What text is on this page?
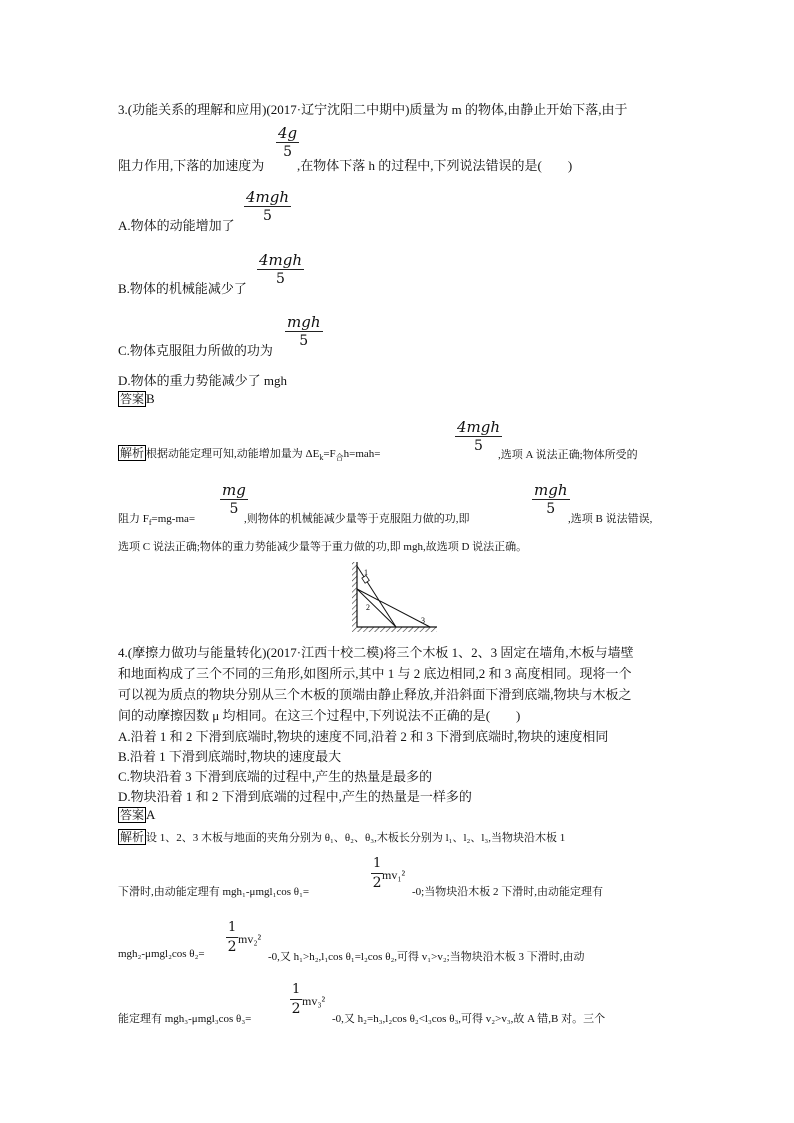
3.(功能关系的理解和应用)(2017·辽宁沈阳二中期中)质量为 m 的物体,由静止开始下落,由于
$\frac{4g}{5}$
阻力作用,下落的加速度为	,在物体下落 h 的过程中,下列说法错误的是(　　)
4mgh
5
A.物体的动能增加了
4mgh
5
B.物体的机械能减少了
mgh
5
C.物体克服阻力所做的功为
D.物体的重力势能减少了 mgh
答案 B
解析 根据动能定理可知,动能增加量为 $\Delta E_k=F_合h=mah=$
4mgh
5
,选项 A 说法正确;物体所受的
阻力 $F_f=mg-ma=$
$\frac{mg}{5}$
,则物体的机械能减少量等于克服阻力做的功,即
mgh
5
,选项 B 说法错误,
选项 C 说法正确;物体的重力势能减少量等于重力做的功,即 mgh,故选项 D 说法正确。
1
2
3
4.(摩擦力做功与能量转化)(2017·江西十校二模)将三个木板 1、2、3 固定在墙角,木板与墙壁
和地面构成了三个不同的三角形,如图所示,其中 1 与 2 底边相同,2 和 3 高度相同。现将一个
可以视为质点的物块分别从三个木板的顶端由静止释放,并沿斜面下滑到底端,物块与木板之
间的动摩擦因数 μ 均相同。在这三个过程中,下列说法不正确的是(　　)
A.沿着 1 和 2 下滑到底端时,物块的速度不同,沿着 2 和 3 下滑到底端时,物块的速度相同
B.沿着 1 下滑到底端时,物块的速度最大
C.物块沿着 3 下滑到底端的过程中,产生的热量是最多的
D.物块沿着 1 和 2 下滑到底端的过程中,产生的热量是一样多的
答案 A
解析 设 1、2、3 木板与地面的夹角分别为 θ₁、θ₂、θ₃,木板长分别为 l₁、l₂、l₃,当物块沿木板 1
下滑时,由动能定理有 mgh₁-μmgl₁cos θ₁=	$\frac{1}{2}$
mv₁²
-0;当物块沿木板 2 下滑时,由动能定理有
mgh₂-μmgl₂cos $\theta_2= \frac{1}{2} mv_2^2$
-0,又 h₁>h₂,l₁cos θ₁=l₂cos θ₂,可得 v₁>v₂;当物块沿木板 3 下滑时,由动
能定理有 mgh₃-μmgl₃cos θ₃=
$\frac{1}{2} mv_3^2$
-0,又 h₂=h₃,l₂cos θ₂<l₃cos θ₃,可得 v₂>v₃,故 A 错,B 对。三个
